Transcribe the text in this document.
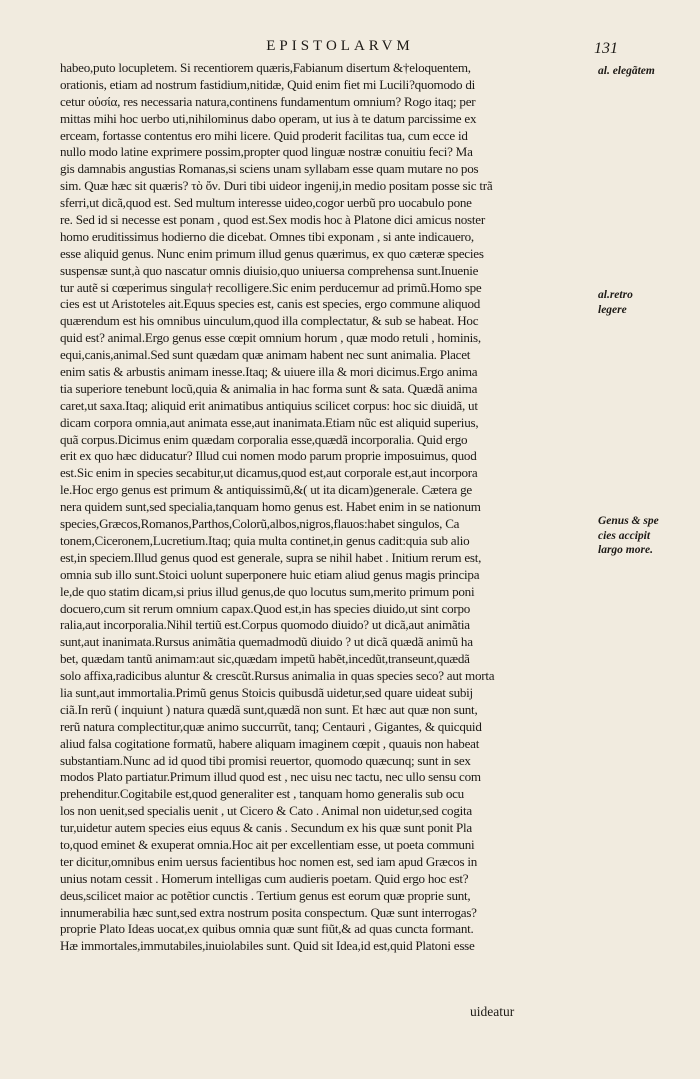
EPISTOLARVM	131
habeo,puto locupletem. Si recentiorem quæris,Fabianum disertum &†eloquentem,
orationis, etiam ad nostrum fastidium,nitidæ, Quid enim fiet mi Lucili?quomodo di
cetur οὐσία, res necessaria natura,continens fundamentum omnium? Rogo itaq; per
mittas mihi hoc uerbo uti,nihilominus dabo operam, ut ius à te datum parcissime ex
erceam, fortasse contentus ero mihi licere. Quid proderit facilitas tua, cum ecce id
nullo modo latine exprimere possim,propter quod linguæ nostræ conuitiu feci? Ma
gis damnabis angustias Romanas,si sciens unam syllabam esse quam mutare no pos
sim. Quæ hæc sit quæris? τὸ ὄν. Duri tibi uideor ingenij,in medio positam posse sic trã
sferri,ut dicã,quod est. Sed multum interesse uideo,cogor uerbũ pro uocabulo pone
re. Sed id si necesse est ponam , quod est.Sex modis hoc à Platone dici amicus noster
homo eruditissimus hodierno die dicebat. Omnes tibi exponam , si ante indicauero,
esse aliquid genus. Nunc enim primum illud genus quærimus, ex quo cæteræ species
suspensæ sunt,à quo nascatur omnis diuisio,quo uniuersa comprehensa sunt.Inuenie
tur autẽ si cœperimus singula† recolligere.Sic enim perducemur ad primũ.Homo spe
cies est ut Aristoteles ait.Equus species est, canis est species, ergo commune aliquod
quærendum est his omnibus uinculum,quod illa complectatur, & sub se habeat. Hoc
quid est? animal.Ergo genus esse cœpit omnium horum , quæ modo retuli , hominis,
equi,canis,animal.Sed sunt quædam quæ animam habent nec sunt animalia. Placet
enim satis & arbustis animam inesse.Itaq; & uiuere illa & mori dicimus.Ergo anima
tia superiore tenebunt locũ,quia & animalia in hac forma sunt & sata. Quædã anima
caret,ut saxa.Itaq; aliquid erit animatibus antiquius scilicet corpus: hoc sic diuidã, ut
dicam corpora omnia,aut animata esse,aut inanimata.Etiam nũc est aliquid superius,
quã corpus.Dicimus enim quædam corporalia esse,quædã incorporalia. Quid ergo
erit ex quo hæc diducatur? Illud cui nomen modo parum proprie imposuimus, quod
est.Sic enim in species secabitur,ut dicamus,quod est,aut corporale est,aut incorpora
le.Hoc ergo genus est primum & antiquissimũ,&( ut ita dicam)generale. Cætera ge
nera quidem sunt,sed specialia,tanquam homo genus est. Habet enim in se nationum
species,Græcos,Romanos,Parthos,Colorũ,albos,nigros,flauos:habet singulos, Ca
tonem,Ciceronem,Lucretium.Itaq; quia multa continet,in genus cadit:quia sub alio
est,in speciem.Illud genus quod est generale, supra se nihil habet . Initium rerum est,
omnia sub illo sunt.Stoici uolunt superponere huic etiam aliud genus magis principa
le,de quo statim dicam,si prius illud genus,de quo locutus sum,merito primum poni
docuero,cum sit rerum omnium capax.Quod est,in has species diuido,ut sint corpo
ralia,aut incorporalia.Nihil tertiũ est.Corpus quomodo diuido? ut dicã,aut animãtia
sunt,aut inanimata.Rursus animãtia quemadmodũ diuido ? ut dicã quædã animũ ha
bet, quædam tantũ animam:aut sic,quædam impetũ habẽt,incedũt,transeunt,quædã
solo affixa,radicibus aluntur & crescũt.Rursus animalia in quas species seco? aut morta
lia sunt,aut immortalia.Primũ genus Stoicis quibusdã uidetur,sed quare uideat subij
ciã.In rerũ ( inquiunt ) natura quædã sunt,quædã non sunt. Et hæc aut quæ non sunt,
rerũ natura complectitur,quæ animo succurrũt, tanq; Centauri , Gigantes, & quicquid
aliud falsa cogitatione formatũ, habere aliquam imaginem cœpit , quauis non habeat
substantiam.Nunc ad id quod tibi promisi reuertor, quomodo quæcunq; sunt in sex
modos Plato partiatur.Primum illud quod est , nec uisu nec tactu, nec ullo sensu com
prehenditur.Cogitabile est,quod generaliter est , tanquam homo generalis sub ocu
los non uenit,sed specialis uenit , ut Cicero & Cato . Animal non uidetur,sed cogita
tur,uidetur autem species eius equus & canis . Secundum ex his quæ sunt ponit Pla
to,quod eminet & exuperat omnia.Hoc ait per excellentiam esse, ut poeta communi
ter dicitur,omnibus enim uersus facientibus hoc nomen est, sed iam apud Græcos in
unius notam cessit . Homerum intelligas cum audieris poetam. Quid ergo hoc est?
deus,scilicet maior ac potẽtior cunctis . Tertium genus est eorum quæ proprie sunt,
innumerabilia hæc sunt,sed extra nostrum posita conspectum. Quæ sunt interrogas?
proprie Plato Ideas uocat,ex quibus omnia quæ sunt fiũt,& ad quas cuncta formant.
Hæ immortales,immutabiles,inuiolabiles sunt. Quid sit Idea,id est,quid Platoni esse
al. elegãtem
al.retro
legere
Genus & spe
cies accipit
largo more.
uideatur
